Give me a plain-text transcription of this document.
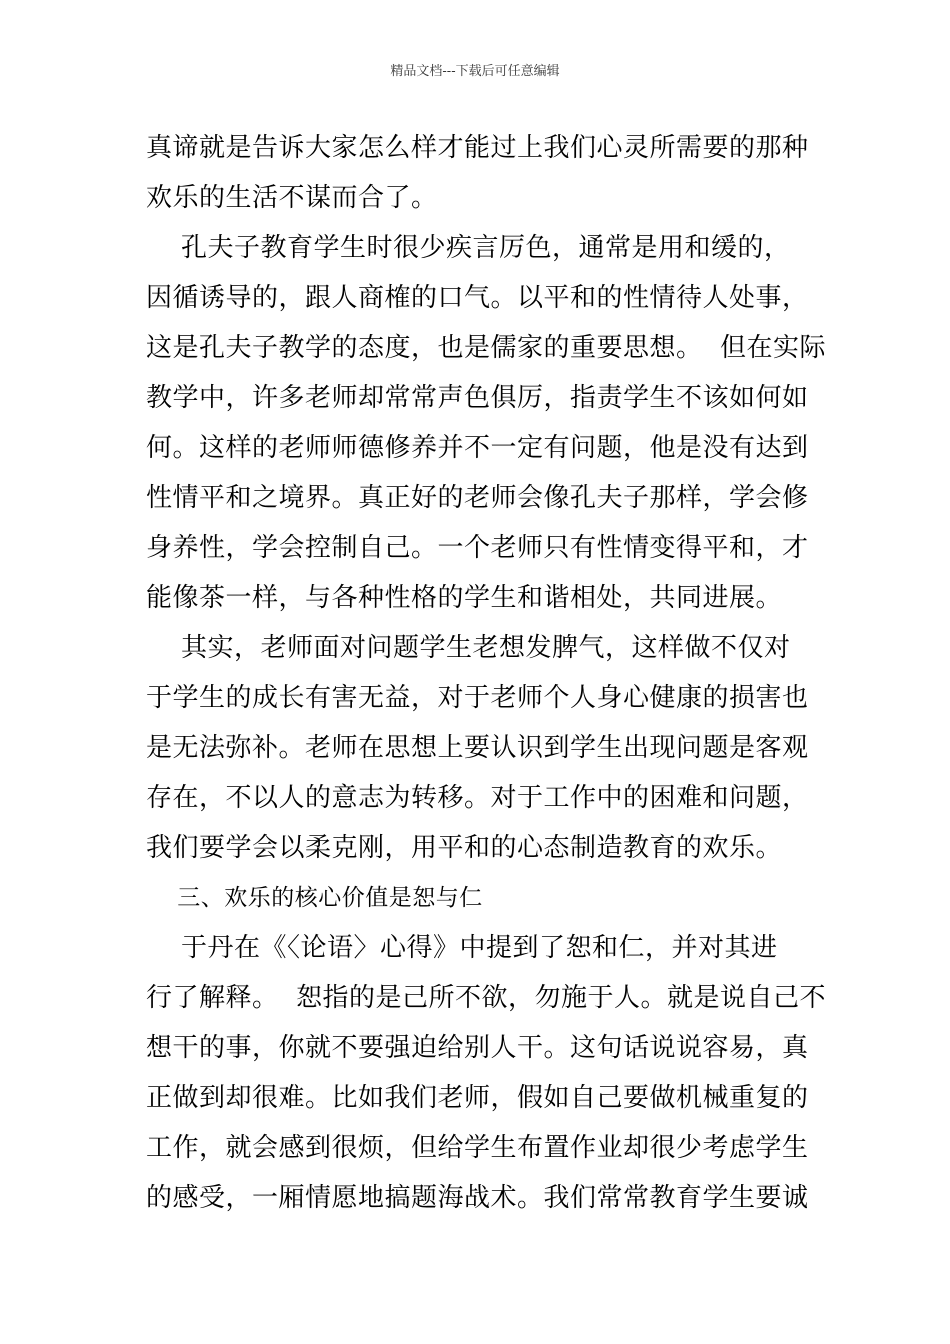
精品文档---下载后可任意编辑
真谛就是告诉大家怎么样才能过上我们心灵所需要的那种
欢乐的生活不谋而合了。
孔夫子教育学生时很少疾言厉色，通常是用和缓的，
因循诱导的，跟人商榷的口气。以平和的性情待人处事，
这是孔夫子教学的态度，也是儒家的重要思想。  但在实际
教学中，许多老师却常常声色俱厉，指责学生不该如何如
何。这样的老师师德修养并不一定有问题，他是没有达到
性情平和之境界。真正好的老师会像孔夫子那样，学会修
身养性，学会控制自己。一个老师只有性情变得平和，才
能像茶一样，与各种性格的学生和谐相处，共同进展。
其实，老师面对问题学生老想发脾气，这样做不仅对
于学生的成长有害无益，对于老师个人身心健康的损害也
是无法弥补。老师在思想上要认识到学生出现问题是客观
存在，不以人的意志为转移。对于工作中的困难和问题，
我们要学会以柔克刚，用平和的心态制造教育的欢乐。
三、欢乐的核心价值是恕与仁
于丹在《〈论语〉心得》中提到了恕和仁，并对其进
行了解释。  恕指的是己所不欲，勿施于人。就是说自己不
想干的事，你就不要强迫给别人干。这句话说说容易，真
正做到却很难。比如我们老师，假如自己要做机械重复的
工作，就会感到很烦，但给学生布置作业却很少考虑学生
的感受，一厢情愿地搞题海战术。我们常常教育学生要诚
